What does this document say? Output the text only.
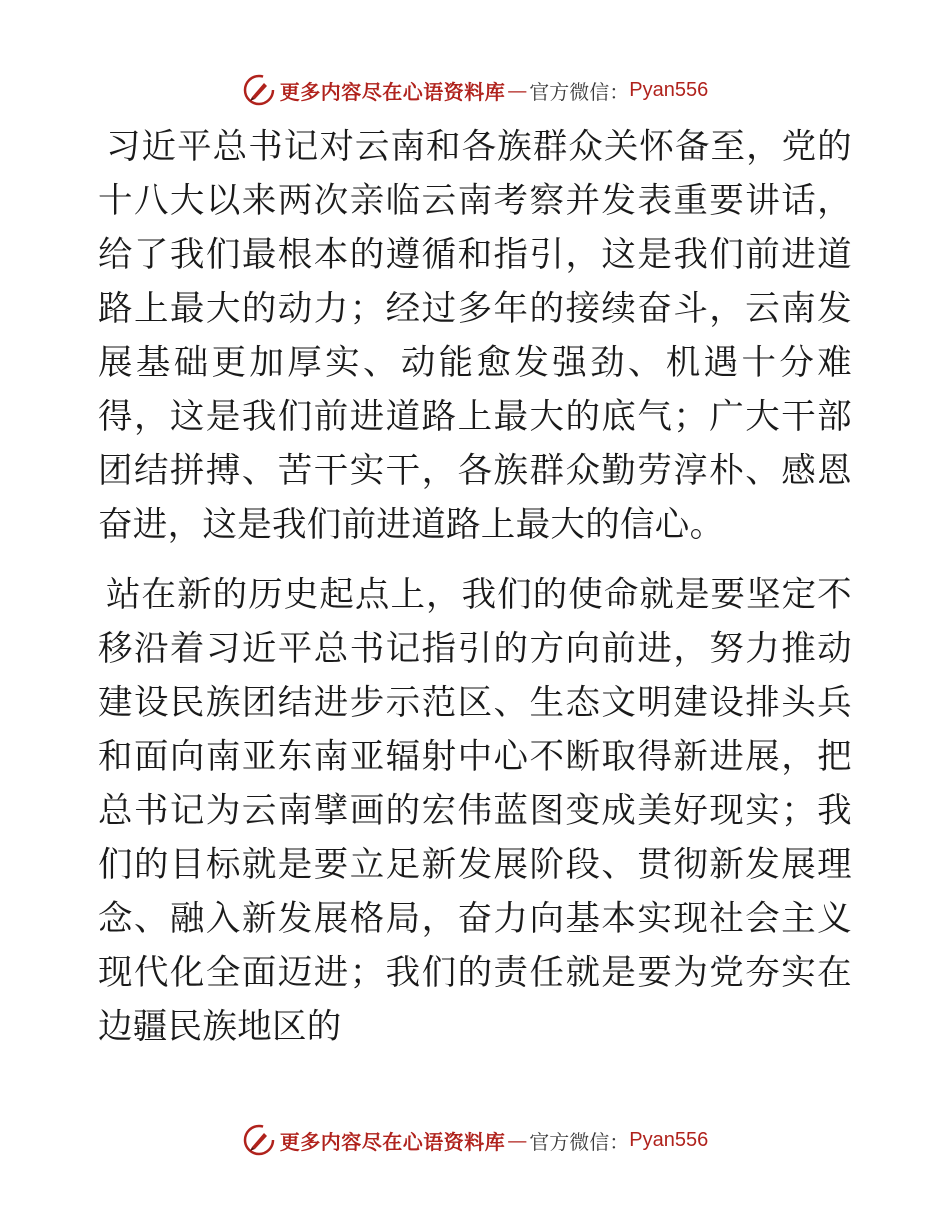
更多内容尽在心语资料库 — 官方微信： Pyan556

习近平总书记对云南和各族群众关怀备至，党的十八大以来两次亲临云南考察并发表重要讲话，给了我们最根本的遵循和指引，这是我们前进道路上最大的动力；经过多年的接续奋斗，云南发展基础更加厚实、动能愈发强劲、机遇十分难得，这是我们前进道路上最大的底气；广大干部团结拼搏、苦干实干，各族群众勤劳淳朴、感恩奋进，这是我们前进道路上最大的信心。

站在新的历史起点上，我们的使命就是要坚定不移沿着习近平总书记指引的方向前进，努力推动建设民族团结进步示范区、生态文明建设排头兵和面向南亚东南亚辐射中心不断取得新进展，把总书记为云南擘画的宏伟蓝图变成美好现实；我们的目标就是要立足新发展阶段、贯彻新发展理念、融入新发展格局，奋力向基本实现社会主义现代化全面迈进；我们的责任就是要为党夯实在边疆民族地区的

更多内容尽在心语资料库 — 官方微信： Pyan556
